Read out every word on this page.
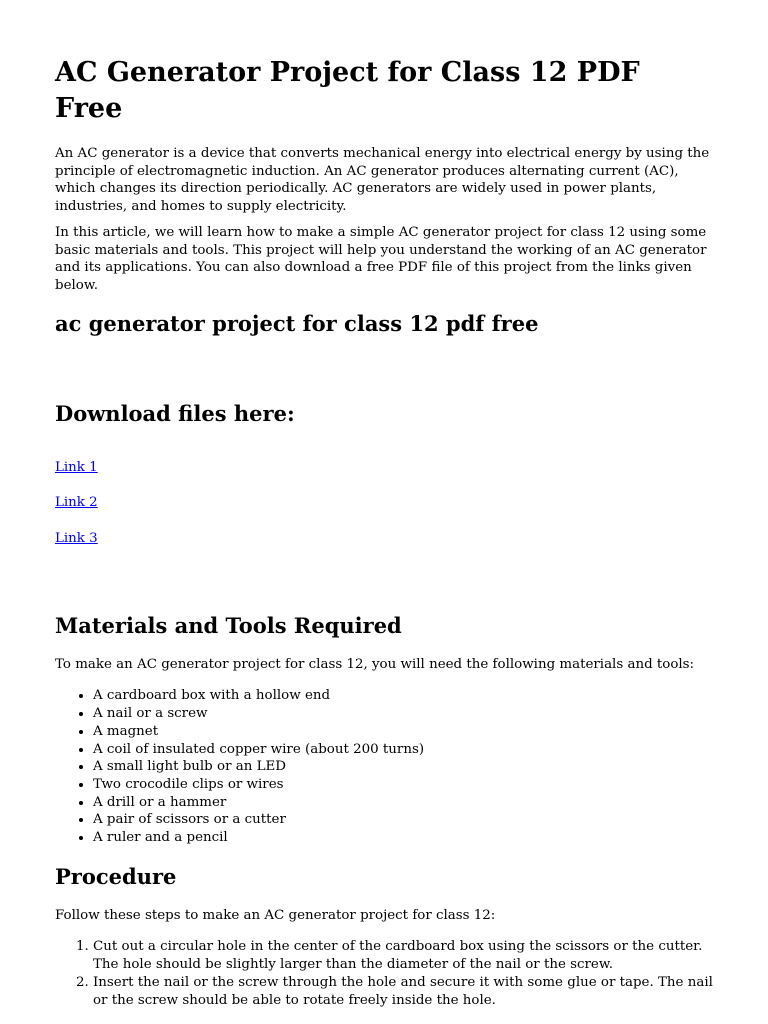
AC Generator Project for Class 12 PDF Free

An AC generator is a device that converts mechanical energy into electrical energy by using the principle of electromagnetic induction. An AC generator produces alternating current (AC), which changes its direction periodically. AC generators are widely used in power plants, industries, and homes to supply electricity.

In this article, we will learn how to make a simple AC generator project for class 12 using some basic materials and tools. This project will help you understand the working of an AC generator and its applications. You can also download a free PDF file of this project from the links given below.

ac generator project for class 12 pdf free
Download files here:
Link 1
Link 2
Link 3
Materials and Tools Required

To make an AC generator project for class 12, you will need the following materials and tools:

• A cardboard box with a hollow end
• A nail or a screw
• A magnet
• A coil of insulated copper wire (about 200 turns)
• A small light bulb or an LED
• Two crocodile clips or wires
• A drill or a hammer
• A pair of scissors or a cutter
• A ruler and a pencil
Procedure

Follow these steps to make an AC generator project for class 12:

1. Cut out a circular hole in the center of the cardboard box using the scissors or the cutter. The hole should be slightly larger than the diameter of the nail or the screw.
2. Insert the nail or the screw through the hole and secure it with some glue or tape. The nail or the screw should be able to rotate freely inside the hole.
